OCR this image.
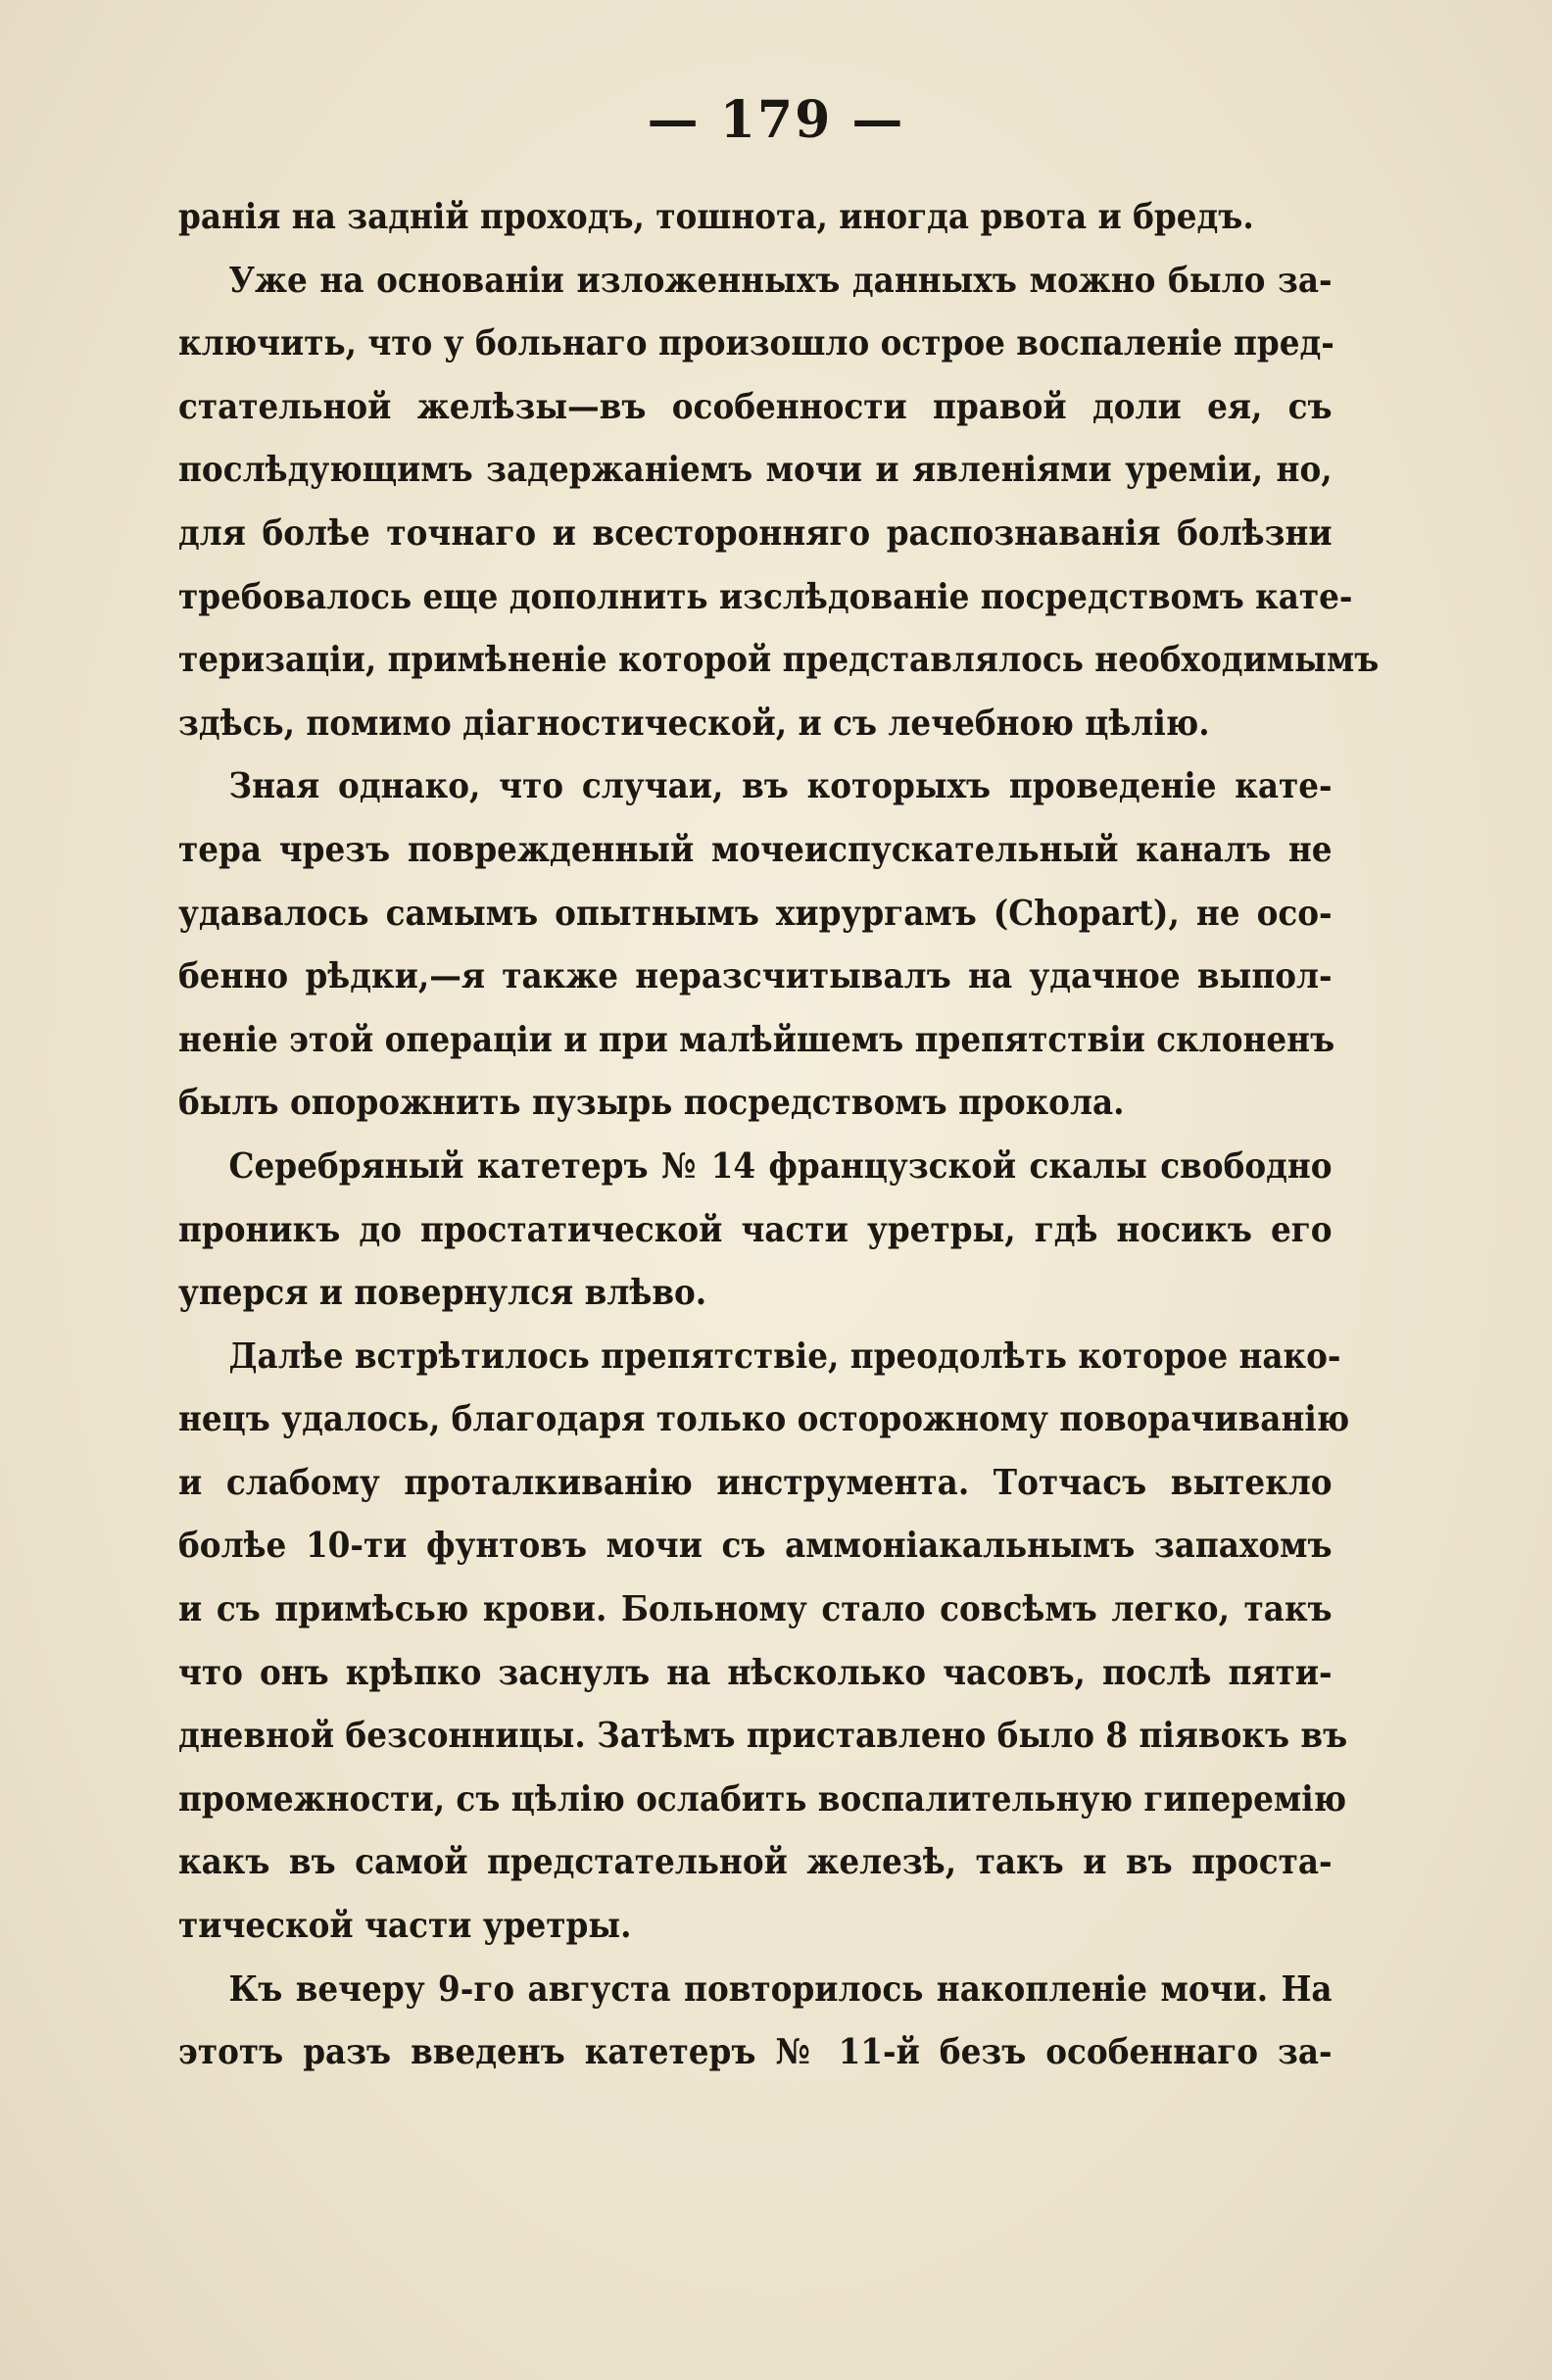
— 179 —
ранія на задній проходъ, тошнота, иногда рвота и бредъ.
Уже на основаніи изложенныхъ данныхъ можно было за-
ключить, что у больнаго произошло острое воспаленіе пред-
стательной желѣзы—въ особенности правой доли ея, съ
послѣдующимъ задержаніемъ мочи и явленіями уреміи, но,
для болѣе точнаго и всесторонняго распознаванія болѣзни
требовалось еще дополнить изслѣдованіе посредствомъ кате-
теризаціи, примѣненіе которой представлялось необходимымъ
здѣсь, помимо діагностической, и съ лечебною цѣлію.
Зная однако, что случаи, въ которыхъ проведеніе кате-
тера чрезъ поврежденный мочеиспускательный каналъ не
удавалось самымъ опытнымъ хирургамъ (Chopart), не осо-
бенно рѣдки,—я также неразсчитывалъ на удачное выпол-
неніе этой операціи и при малѣйшемъ препятствіи склоненъ
былъ опорожнить пузырь посредствомъ прокола.
Серебряный катетеръ № 14 французской скалы свободно
проникъ до простатической части уретры, гдѣ носикъ его
уперся и повернулся влѣво.
Далѣе встрѣтилось препятствіе, преодолѣть которое нако-
нецъ удалось, благодаря только осторожному поворачиванію
и слабому проталкиванію инструмента. Тотчасъ вытекло
болѣе 10-ти фунтовъ мочи съ аммоніакальнымъ запахомъ
и съ примѣсью крови. Больному стало совсѣмъ легко, такъ
что онъ крѣпко заснулъ на нѣсколько часовъ, послѣ пяти-
дневной безсонницы. Затѣмъ приставлено было 8 піявокъ въ
промежности, съ цѣлію ослабить воспалительную гиперемію
какъ въ самой предстательной железѣ, такъ и въ проста-
тической части уретры.
Къ вечеру 9-го августа повторилось накопленіе мочи. На
этотъ разъ введенъ катетеръ № 11-й безъ особеннаго за-
